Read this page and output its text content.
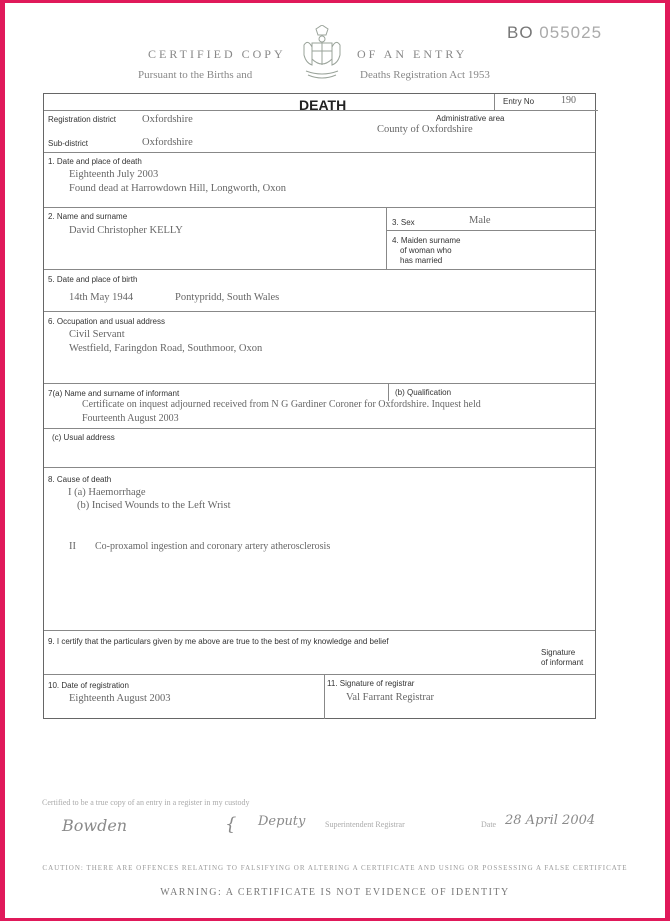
BO 055025
CERTIFIED COPY	OF AN ENTRY
Pursuant to the Births and	Deaths Registration Act 1953
DEATH	Entry No	190
Registration district Oxfordshire	Administrative area
County of Oxfordshire
Sub-district	Oxfordshire
1. Date and place of death
Eighteenth July 2003
Found dead at Harrowdown Hill, Longworth, Oxon
2. Name and surname
David Christopher KELLY
3. Sex	Male
4. Maiden surname
of woman who
has married
5. Date and place of birth
14th May 1944	Pontypridd, South Wales
6. Occupation and usual address
Civil Servant
Westfield, Faringdon Road, Southmoor, Oxon
7(a) Name and surname of informant
Certificate on inquest adjourned received from N G Gardiner Coroner for Oxfordshire. Inquest held
Fourteenth August 2003
(b) Qualification
(c) Usual address
8. Cause of death
I (a) Haemorrhage
(b) Incised Wounds to the Left Wrist
II Co-proxamol ingestion and coronary artery atherosclerosis
9. I certify that the particulars given by me above are true to the best of my knowledge and belief
Signature
of informant
10. Date of registration
Eighteenth August 2003
11. Signature of registrar
Val Farrant Registrar
Certified to be a true copy of an entry in a register in my custody
Bowden	{ Deputy Superintendent Registrar	Date 28 April 2004
CAUTION: THERE ARE OFFENCES RELATING TO FALSIFYING OR ALTERING A CERTIFICATE AND USING OR POSSESSING A FALSE CERTIFICATE
WARNING: A CERTIFICATE IS NOT EVIDENCE OF IDENTITY
